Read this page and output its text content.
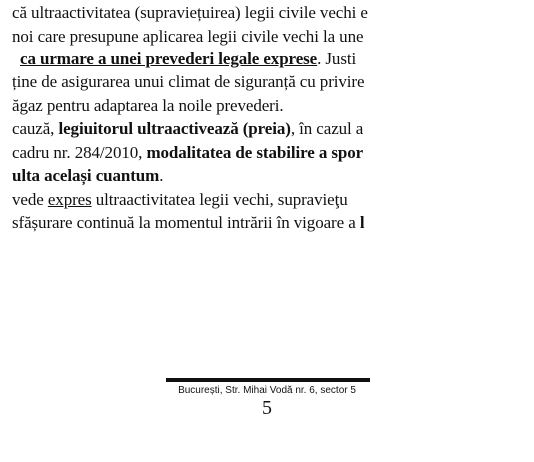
că ultraactivitatea (supraviețuirea) legii civile vechi e
noi care presupune aplicarea legii civile vechi la une
ca urmare a unei prevederi legale exprese. Justi
ține de asigurarea unui climat de siguranță cu privire
ăgaz pentru adaptarea la noile prevederi.
cauză, legiuitorul ultraactivează (preia), în cazul a
cadru nr. 284/2010, modalitatea de stabilire a spor
ulta același cuantum.
vede expres ultraactivitatea legii vechi, supravieţu
sfășurare continuă la momentul intrării în vigoare a l
București, Str. Mihai Vodă nr. 6, sector 5
5
